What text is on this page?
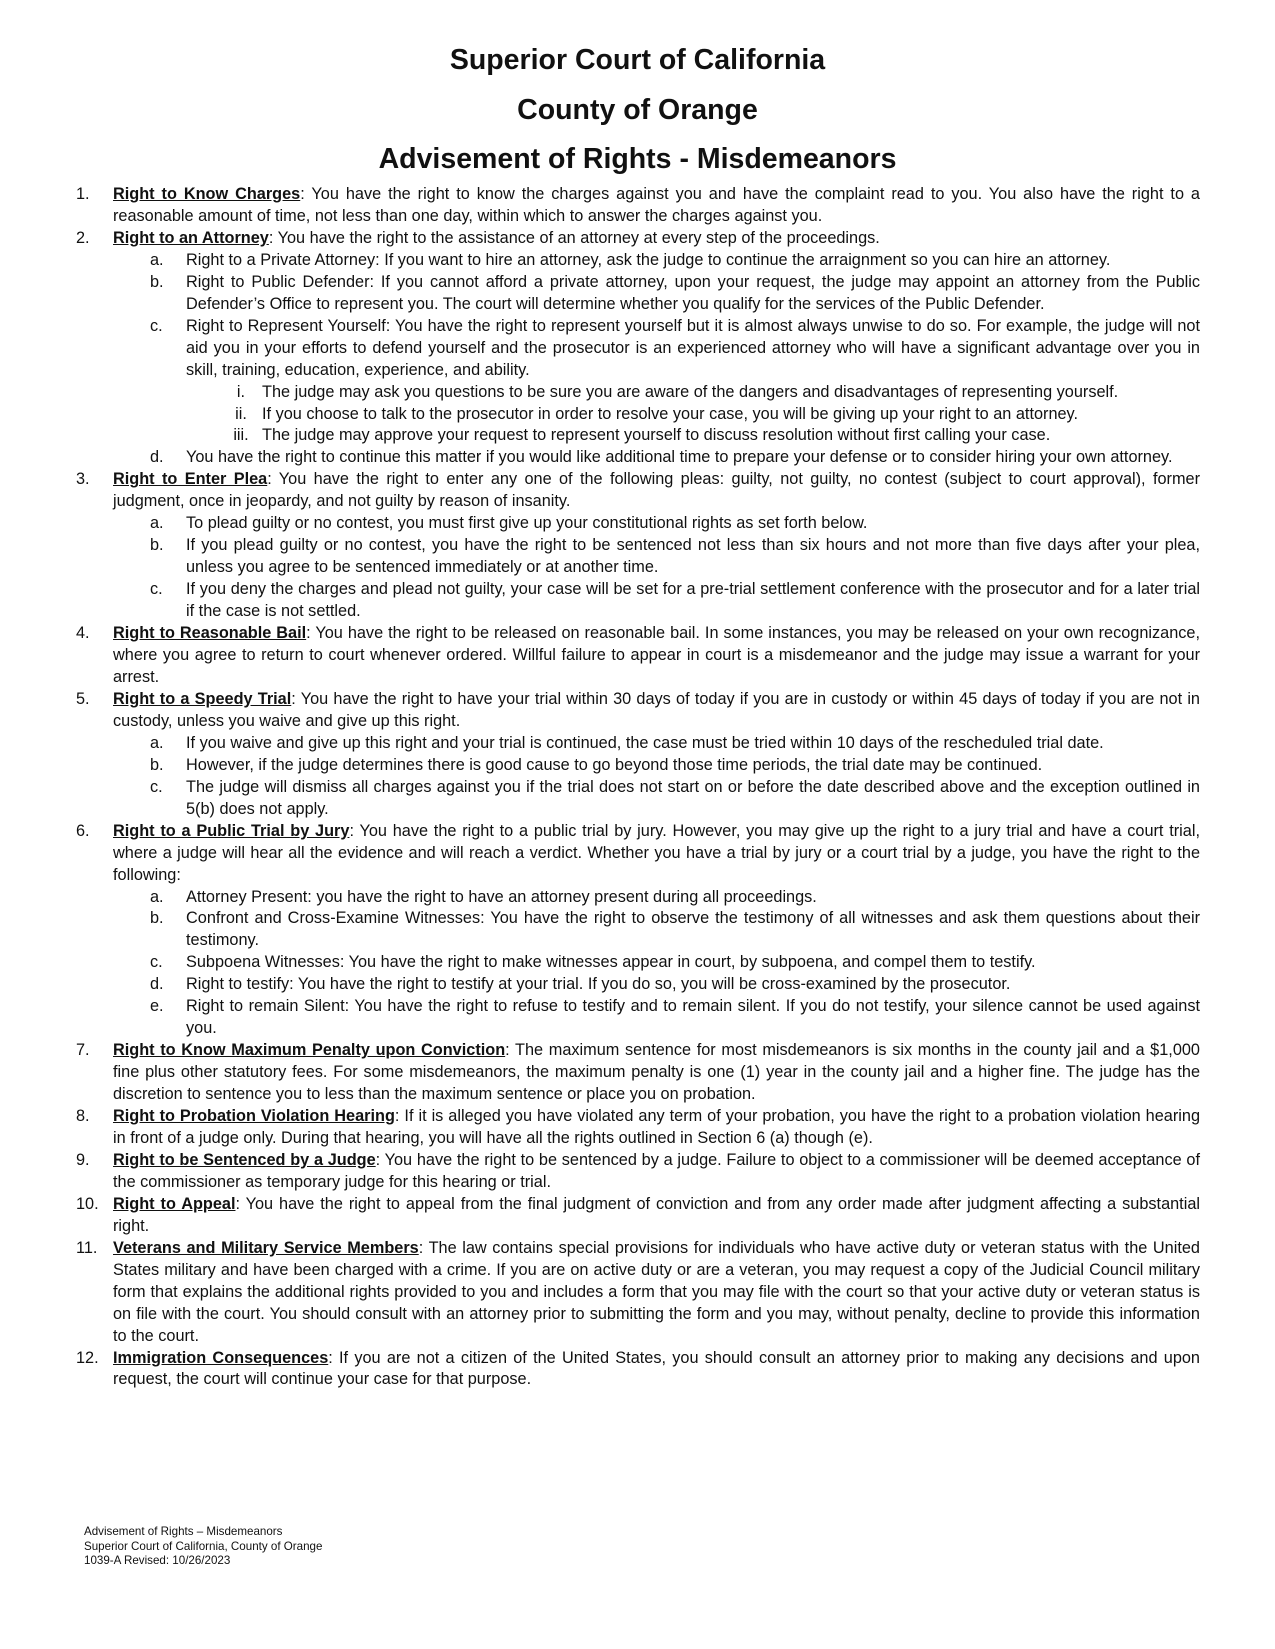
Superior Court of California
County of Orange
Advisement of Rights - Misdemeanors
1. Right to Know Charges: You have the right to know the charges against you and have the complaint read to you. You also have the right to a reasonable amount of time, not less than one day, within which to answer the charges against you.
2. Right to an Attorney: You have the right to the assistance of an attorney at every step of the proceedings.
a. Right to a Private Attorney: If you want to hire an attorney, ask the judge to continue the arraignment so you can hire an attorney.
b. Right to Public Defender: If you cannot afford a private attorney, upon your request, the judge may appoint an attorney from the Public Defender’s Office to represent you. The court will determine whether you qualify for the services of the Public Defender.
c. Right to Represent Yourself: You have the right to represent yourself but it is almost always unwise to do so. For example, the judge will not aid you in your efforts to defend yourself and the prosecutor is an experienced attorney who will have a significant advantage over you in skill, training, education, experience, and ability.
i.	The judge may ask you questions to be sure you are aware of the dangers and disadvantages of representing yourself.
ii. If you choose to talk to the prosecutor in order to resolve your case, you will be giving up your right to an attorney.
iii. The judge may approve your request to represent yourself to discuss resolution without first calling your case.
d. You have the right to continue this matter if you would like additional time to prepare your defense or to consider hiring your own attorney.
3. Right to Enter Plea: You have the right to enter any one of the following pleas: guilty, not guilty, no contest (subject to court approval), former judgment, once in jeopardy, and not guilty by reason of insanity.
a. To plead guilty or no contest, you must first give up your constitutional rights as set forth below.
b. If you plead guilty or no contest, you have the right to be sentenced not less than six hours and not more than five days after your plea, unless you agree to be sentenced immediately or at another time.
c. If you deny the charges and plead not guilty, your case will be set for a pre-trial settlement conference with the prosecutor and for a later trial if the case is not settled.
4. Right to Reasonable Bail: You have the right to be released on reasonable bail. In some instances, you may be released on your own recognizance, where you agree to return to court whenever ordered. Willful failure to appear in court is a misdemeanor and the judge may issue a warrant for your arrest.
5. Right to a Speedy Trial: You have the right to have your trial within 30 days of today if you are in custody or within 45 days of today if you are not in custody, unless you waive and give up this right.
a. If you waive and give up this right and your trial is continued, the case must be tried within 10 days of the rescheduled trial date.
b. However, if the judge determines there is good cause to go beyond those time periods, the trial date may be continued.
c. The judge will dismiss all charges against you if the trial does not start on or before the date described above and the exception outlined in 5(b) does not apply.
6. Right to a Public Trial by Jury: You have the right to a public trial by jury. However, you may give up the right to a jury trial and have a court trial, where a judge will hear all the evidence and will reach a verdict. Whether you have a trial by jury or a court trial by a judge, you have the right to the following:
a. Attorney Present: you have the right to have an attorney present during all proceedings.
b. Confront and Cross-Examine Witnesses: You have the right to observe the testimony of all witnesses and ask them questions about their testimony.
c. Subpoena Witnesses: You have the right to make witnesses appear in court, by subpoena, and compel them to testify.
d. Right to testify: You have the right to testify at your trial. If you do so, you will be cross-examined by the prosecutor.
e. Right to remain Silent: You have the right to refuse to testify and to remain silent. If you do not testify, your silence cannot be used against you.
7. Right to Know Maximum Penalty upon Conviction: The maximum sentence for most misdemeanors is six months in the county jail and a $1,000 fine plus other statutory fees. For some misdemeanors, the maximum penalty is one (1) year in the county jail and a higher fine. The judge has the discretion to sentence you to less than the maximum sentence or place you on probation.
8. Right to Probation Violation Hearing: If it is alleged you have violated any term of your probation, you have the right to a probation violation hearing in front of a judge only. During that hearing, you will have all the rights outlined in Section 6 (a) though (e).
9. Right to be Sentenced by a Judge: You have the right to be sentenced by a judge. Failure to object to a commissioner will be deemed acceptance of the commissioner as temporary judge for this hearing or trial.
10. Right to Appeal: You have the right to appeal from the final judgment of conviction and from any order made after judgment affecting a substantial right.
11. Veterans and Military Service Members: The law contains special provisions for individuals who have active duty or veteran status with the United States military and have been charged with a crime. If you are on active duty or are a veteran, you may request a copy of the Judicial Council military form that explains the additional rights provided to you and includes a form that you may file with the court so that your active duty or veteran status is on file with the court. You should consult with an attorney prior to submitting the form and you may, without penalty, decline to provide this information to the court.
12. Immigration Consequences: If you are not a citizen of the United States, you should consult an attorney prior to making any decisions and upon request, the court will continue your case for that purpose.
Advisement of Rights – Misdemeanors
Superior Court of California, County of Orange
1039-A Revised: 10/26/2023
